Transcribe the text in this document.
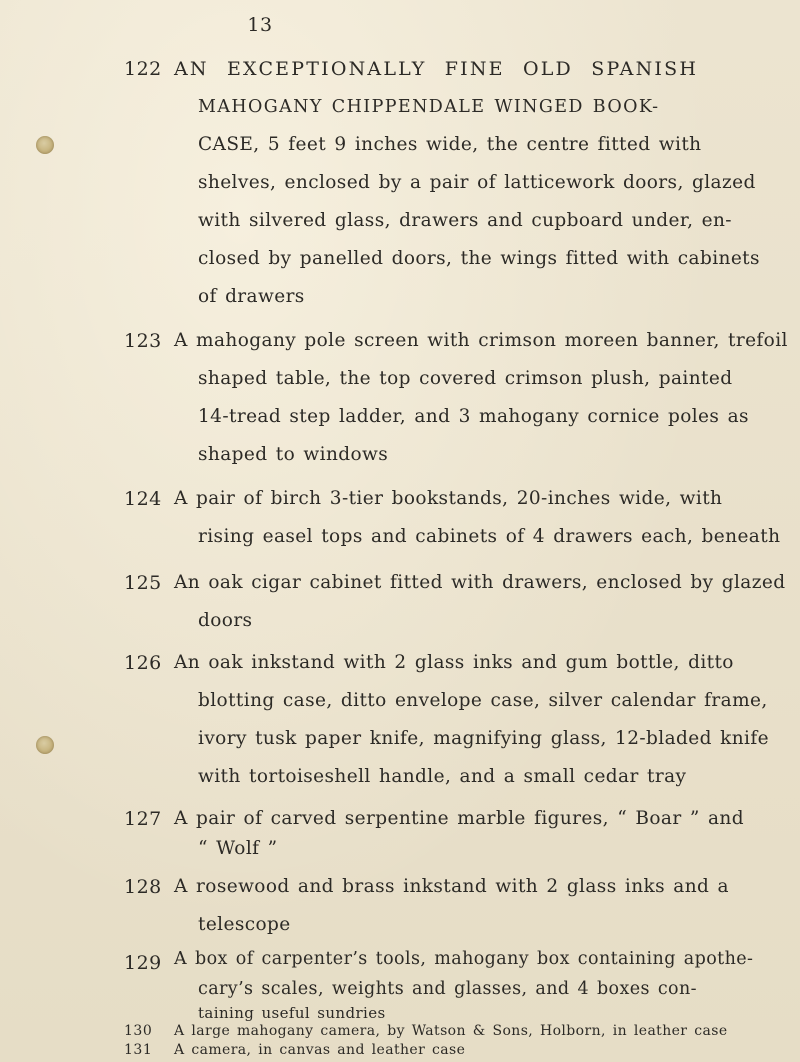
13
122 AN EXCEPTIONALLY FINE OLD SPANISH
MAHOGANY CHIPPENDALE WINGED BOOK-
CASE, 5 feet 9 inches wide, the centre fitted with
shelves, enclosed by a pair of latticework doors, glazed
with silvered glass, drawers and cupboard under, en-
closed by panelled doors, the wings fitted with cabinets
of drawers
123 A mahogany pole screen with crimson moreen banner, trefoil
shaped table, the top covered crimson plush, painted
14-tread step ladder, and 3 mahogany cornice poles as
shaped to windows
124 A pair of birch 3-tier bookstands, 20-inches wide, with
rising easel tops and cabinets of 4 drawers each, beneath
125 An oak cigar cabinet fitted with drawers, enclosed by glazed
doors
126 An oak inkstand with 2 glass inks and gum bottle, ditto
blotting case, ditto envelope case, silver calendar frame,
ivory tusk paper knife, magnifying glass, 12-bladed knife
with tortoiseshell handle, and a small cedar tray
127 A pair of carved serpentine marble figures, “ Boar ” and
“ Wolf ”
128 A rosewood and brass inkstand with 2 glass inks and a
telescope
129 A box of carpenter’s tools, mahogany box containing apothe-
cary’s scales, weights and glasses, and 4 boxes con-
taining useful sundries
130	A large mahogany camera, by Watson & Sons, Holborn, in leather case
131	A camera, in canvas and leather case
